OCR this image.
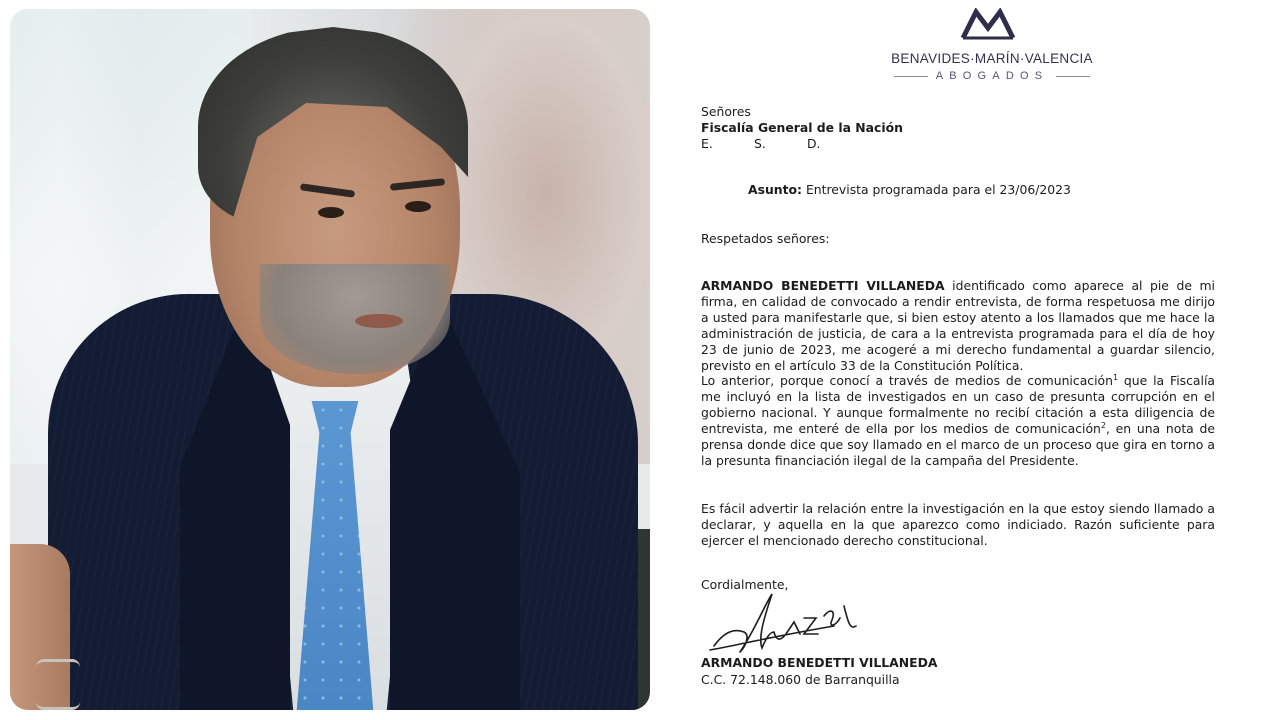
BENAVIDES·MARÍN·VALENCIA
ABOGADOS
Señores
Fiscalía General de la Nación
E.	S.	D.
Asunto: Entrevista programada para el 23/06/2023
Respetados señores:
ARMANDO BENEDETTI VILLANEDA identificado como aparece al pie de mi firma, en calidad de convocado a rendir entrevista, de forma respetuosa me dirijo a usted para manifestarle que, si bien estoy atento a los llamados que me hace la administración de justicia, de cara a la entrevista programada para el día de hoy 23 de junio de 2023, me acogeré a mi derecho fundamental a guardar silencio, previsto en el artículo 33 de la Constitución Política.
Lo anterior, porque conocí a través de medios de comunicación$^1$ que la Fiscalía me incluyó en la lista de investigados en un caso de presunta corrupción en el gobierno nacional. Y aunque formalmente no recibí citación a esta diligencia de entrevista, me enteré de ella por los medios de comunicación$^2$, en una nota de prensa donde dice que soy llamado en el marco de un proceso que gira en torno a la presunta financiación ilegal de la campaña del Presidente.
Es fácil advertir la relación entre la investigación en la que estoy siendo llamado a declarar, y aquella en la que aparezco como indiciado. Razón suficiente para ejercer el mencionado derecho constitucional.
Cordialmente,
ARMANDO BENEDETTI VILLANEDA
C.C. 72.148.060 de Barranquilla
